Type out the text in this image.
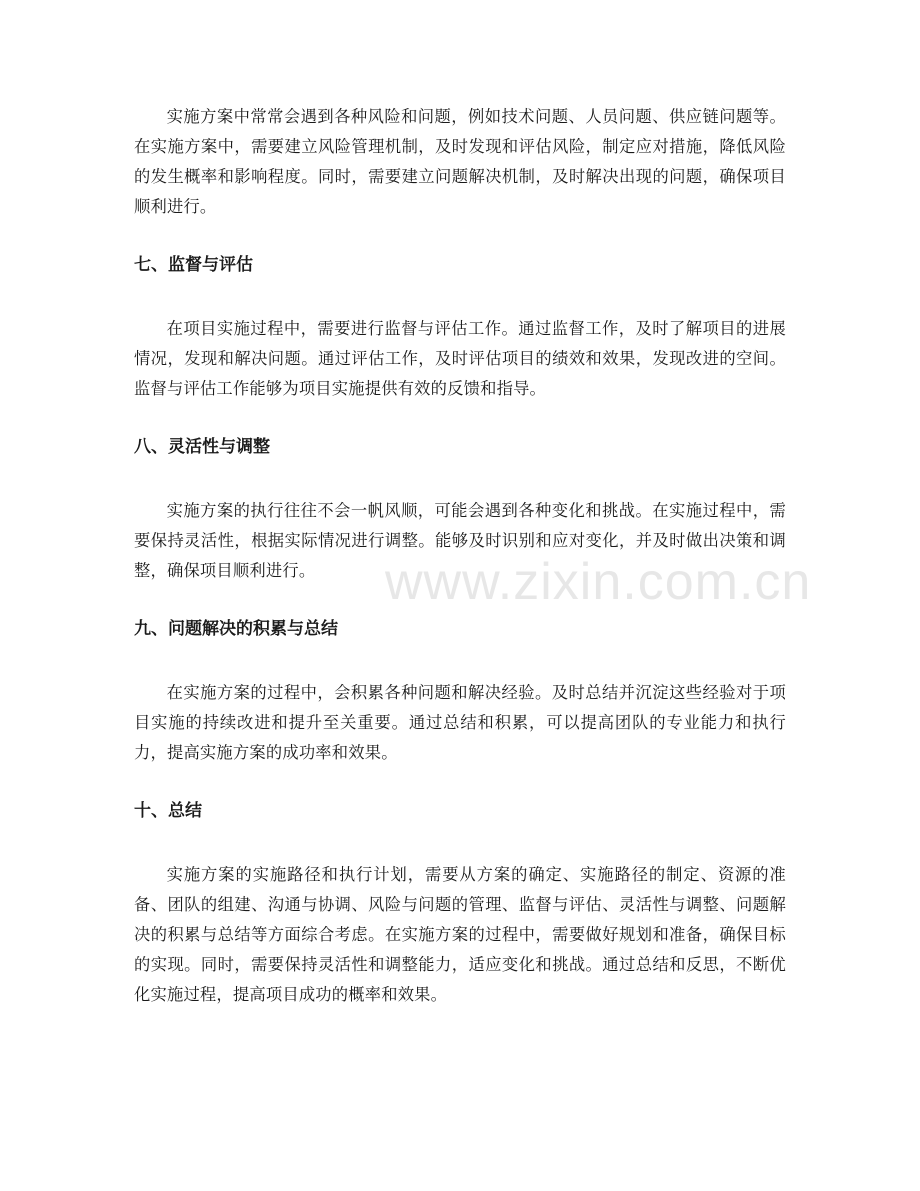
实施方案中常常会遇到各种风险和问题，例如技术问题、人员问题、供应链问题等。在实施方案中，需要建立风险管理机制，及时发现和评估风险，制定应对措施，降低风险的发生概率和影响程度。同时，需要建立问题解决机制，及时解决出现的问题，确保项目顺利进行。

七、监督与评估

在项目实施过程中，需要进行监督与评估工作。通过监督工作，及时了解项目的进展情况，发现和解决问题。通过评估工作，及时评估项目的绩效和效果，发现改进的空间。监督与评估工作能够为项目实施提供有效的反馈和指导。

八、灵活性与调整

实施方案的执行往往不会一帆风顺，可能会遇到各种变化和挑战。在实施过程中，需要保持灵活性，根据实际情况进行调整。能够及时识别和应对变化，并及时做出决策和调整，确保项目顺利进行。

九、问题解决的积累与总结

在实施方案的过程中，会积累各种问题和解决经验。及时总结并沉淀这些经验对于项目实施的持续改进和提升至关重要。通过总结和积累，可以提高团队的专业能力和执行力，提高实施方案的成功率和效果。

十、总结

实施方案的实施路径和执行计划，需要从方案的确定、实施路径的制定、资源的准备、团队的组建、沟通与协调、风险与问题的管理、监督与评估、灵活性与调整、问题解决的积累与总结等方面综合考虑。在实施方案的过程中，需要做好规划和准备，确保目标的实现。同时，需要保持灵活性和调整能力，适应变化和挑战。通过总结和反思，不断优化实施过程，提高项目成功的概率和效果。

www.zixin.com.cn
